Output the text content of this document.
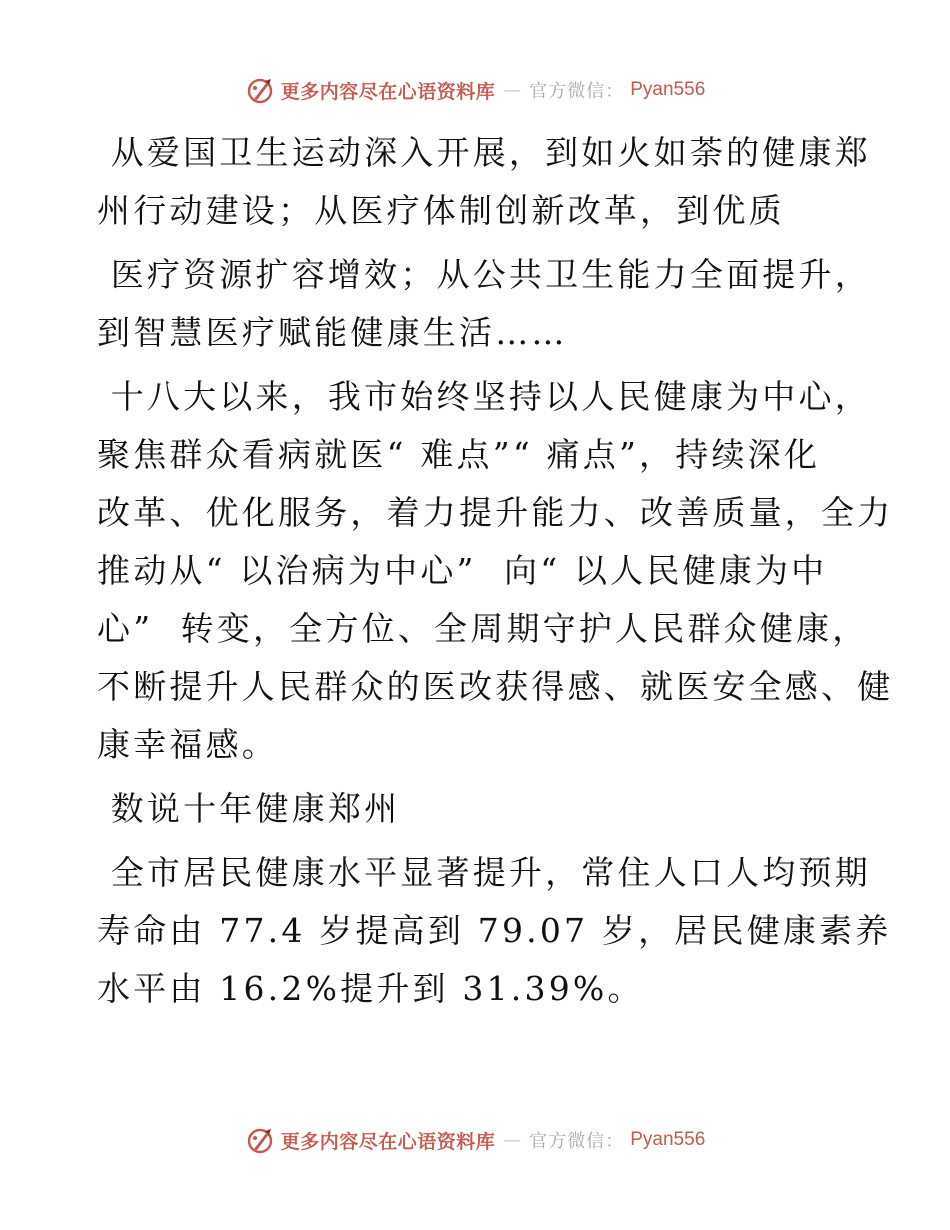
更多内容尽在心语资料库 — 官方微信： Pyan556

从爱国卫生运动深入开展，到如火如荼的健康郑
州行动建设；从医疗体制创新改革，到优质

医疗资源扩容增效；从公共卫生能力全面提升，
到智慧医疗赋能健康生活……

十八大以来，我市始终坚持以人民健康为中心，
聚焦群众看病就医“ 难点”“ 痛点”，持续深化
改革、优化服务，着力提升能力、改善质量，全力
推动从“ 以治病为中心”  向“ 以人民健康为中
心”  转变，全方位、全周期守护人民群众健康，
不断提升人民群众的医改获得感、就医安全感、健
康幸福感。

数说十年健康郑州

全市居民健康水平显著提升，常住人口人均预期
寿命由 77.4 岁提高到 79.07 岁，居民健康素养
水平由 16.2%提升到 31.39%。

更多内容尽在心语资料库 — 官方微信： Pyan556
